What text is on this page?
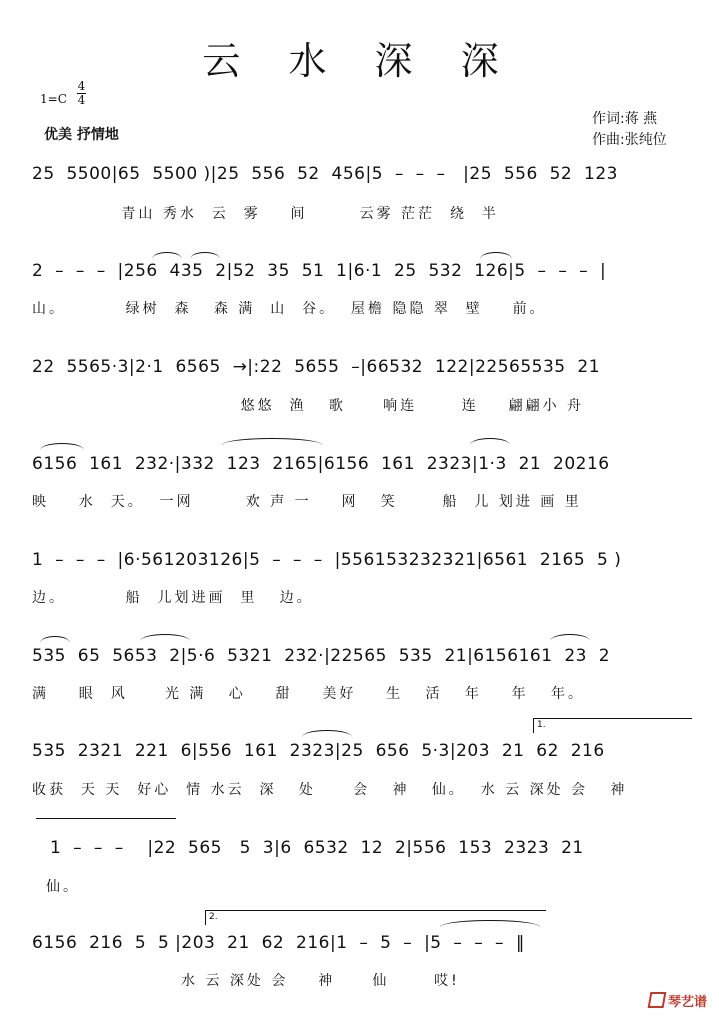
云 水 深 深
1=C
4
4
优美 抒情地
作词:蒋 燕
作曲:张纯位
25  5500|65  5500 )|25  556  52  456|5  –  –  –   |25  556  52  123
青山 秀水  云  雾    间       云雾 茫茫  绕  半
2  –  –  –  |256  435  2|52  35  51  1|6·1  25  532  126|5  –  –  –  |
山。        绿树  森   森 满  山  谷。  屋檐 隐隐 翠  壁    前。
22  5565·3|2·1  6565  →|:22  5655  –|66532  122|22565535  21
悠悠  渔   歌     响连      连    翩翩小 舟
6156  161  232·|332  123  2165|6156  161  2323|1·3  21  20216
映    水  天。  一网       欢 声 一    网   笑      船  儿 划进 画 里
1  –  –  –  |6·561203126|5  –  –  –  |556153232321|6561  2165  5 )
边。        船  儿划进画  里   边。
535  65  5653  2|5·6  5321  232·|22565  535  21|6156161  23  2
满    眼  风     光 满   心    甜    美好    生   活   年    年   年。
535  2321  221  6|556  161  2323|25  656  5·3|203  21  62  216
收获  天 天  好心  情 水云  深   处     会   神   仙。  水 云 深处 会   神
1  –  –  –    |22  565   5  3|6  6532  12  2|556  153  2323  21
仙。
6156  216  5  5 |203  21  62  216|1  –  5  –  |5  –  –  –  ‖
水 云 深处 会    神     仙      哎!
1.
2.
琴艺谱
